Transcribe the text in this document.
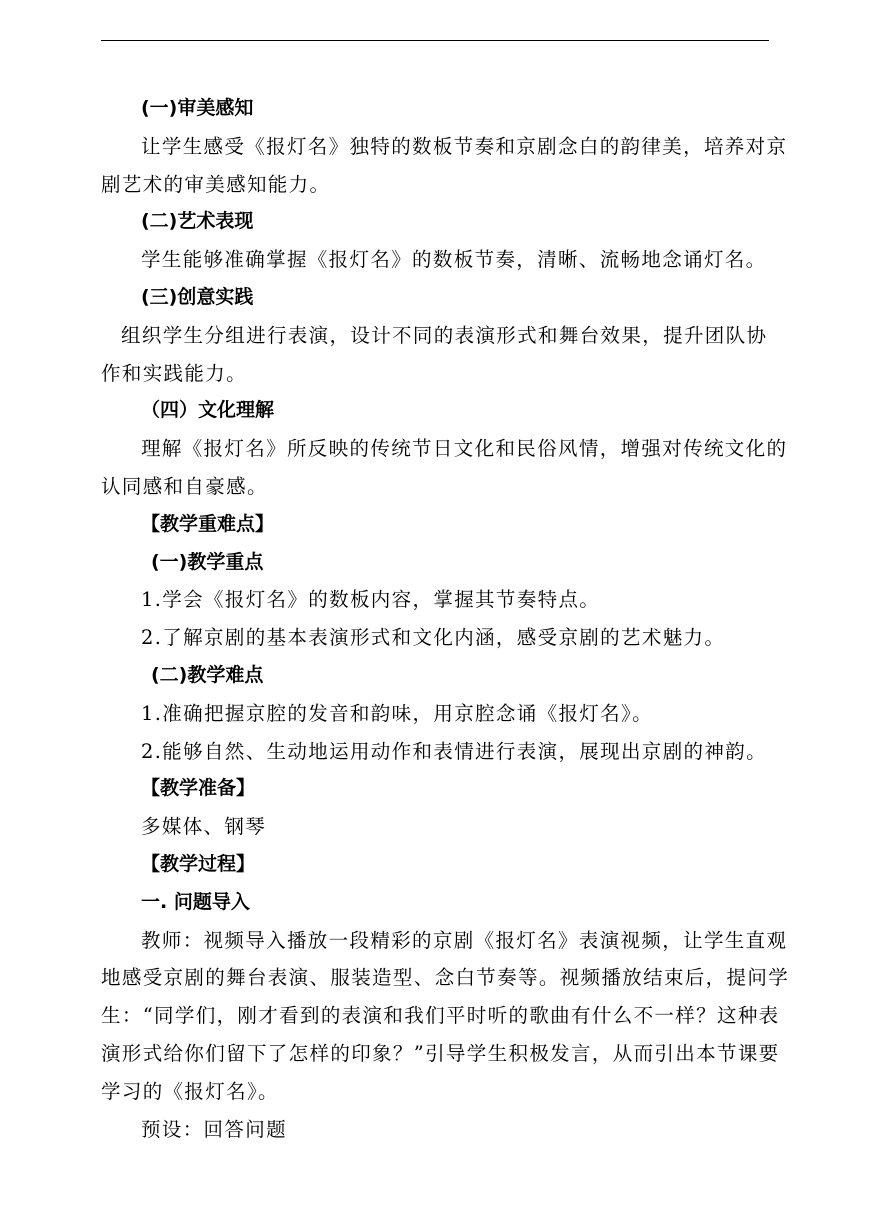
(一)审美感知
让学生感受《报灯名》独特的数板节奏和京剧念白的韵律美，培养对京
剧艺术的审美感知能力。
(二)艺术表现
学生能够准确掌握《报灯名》的数板节奏，清晰、流畅地念诵灯名。
(三)创意实践
组织学生分组进行表演，设计不同的表演形式和舞台效果，提升团队协
作和实践能力。
（四）文化理解
理解《报灯名》所反映的传统节日文化和民俗风情，增强对传统文化的
认同感和自豪感。
【教学重难点】
(一)教学重点
1.学会《报灯名》的数板内容，掌握其节奏特点。
2.了解京剧的基本表演形式和文化内涵，感受京剧的艺术魅力。
(二)教学难点
1.准确把握京腔的发音和韵味，用京腔念诵《报灯名》。
2.能够自然、生动地运用动作和表情进行表演，展现出京剧的神韵。
【教学准备】
多媒体、钢琴
【教学过程】
一. 问题导入
教师：视频导入播放一段精彩的京剧《报灯名》表演视频，让学生直观
地感受京剧的舞台表演、服装造型、念白节奏等。视频播放结束后，提问学
生：“同学们，刚才看到的表演和我们平时听的歌曲有什么不一样？这种表
演形式给你们留下了怎样的印象？”引导学生积极发言，从而引出本节课要
学习的《报灯名》。
预设：回答问题
